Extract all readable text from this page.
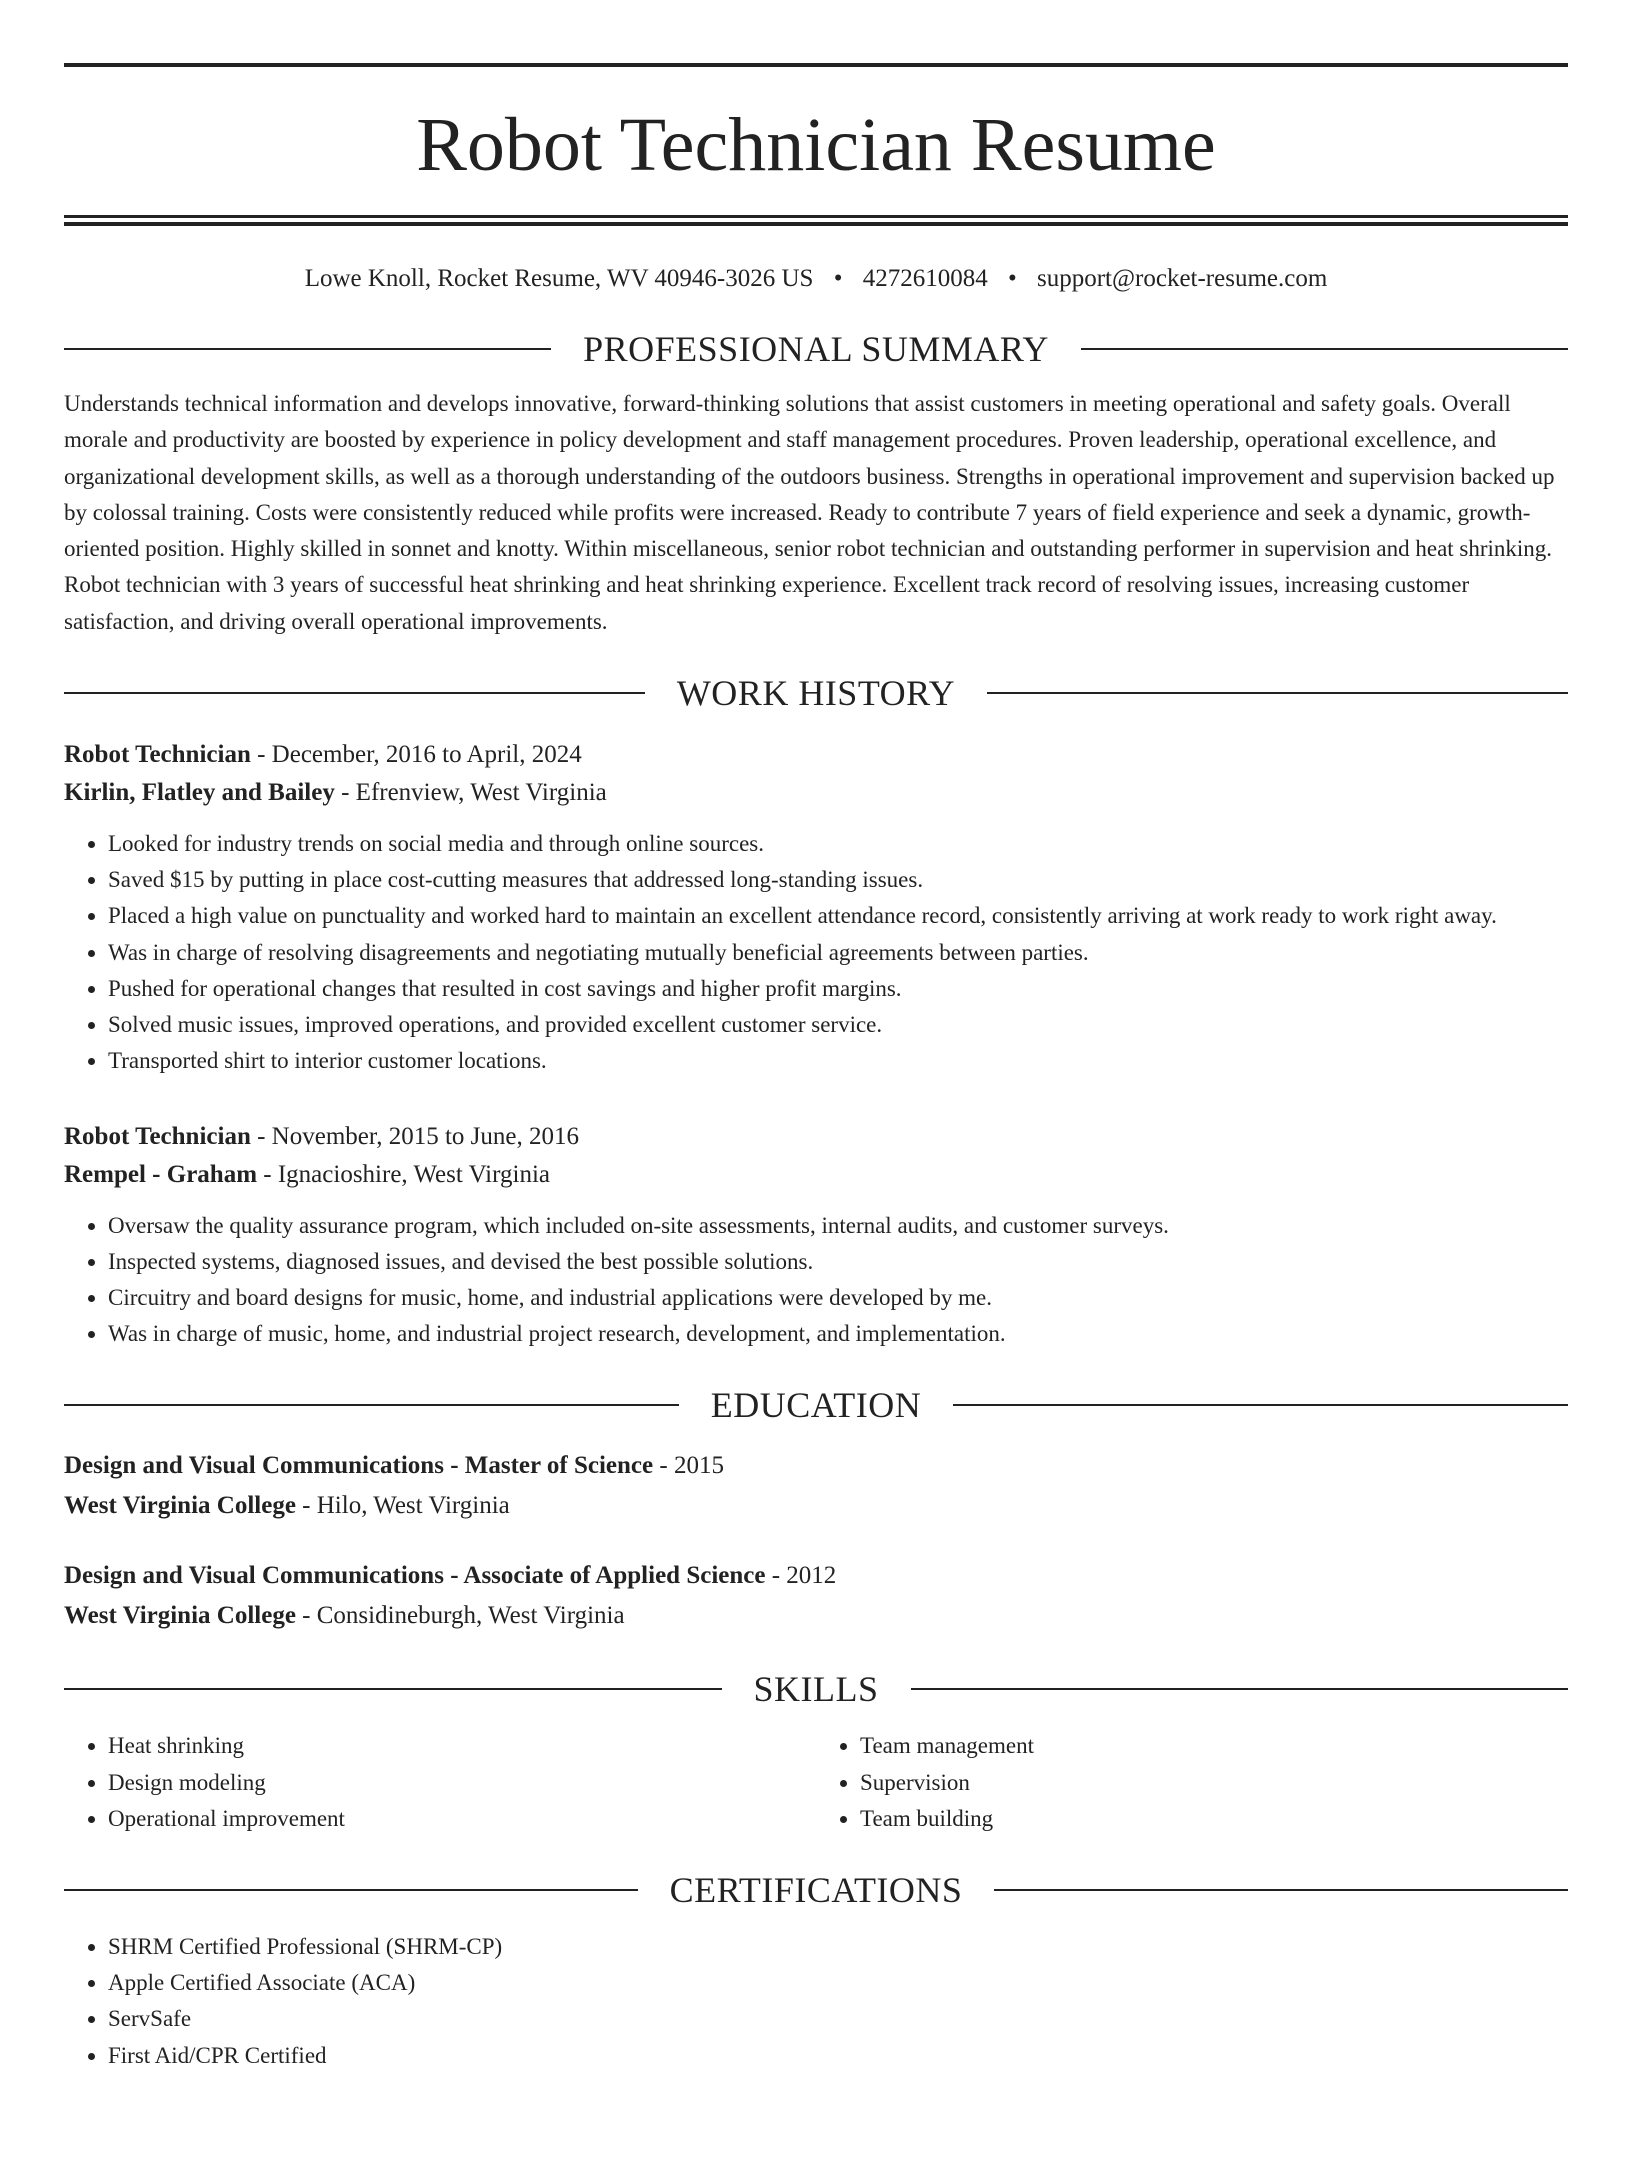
Robot Technician Resume
Lowe Knoll, Rocket Resume, WV 40946-3026 US • 4272610084 • support@rocket-resume.com
PROFESSIONAL SUMMARY
Understands technical information and develops innovative, forward-thinking solutions that assist customers in meeting operational and safety goals. Overall morale and productivity are boosted by experience in policy development and staff management procedures. Proven leadership, operational excellence, and organizational development skills, as well as a thorough understanding of the outdoors business. Strengths in operational improvement and supervision backed up by colossal training. Costs were consistently reduced while profits were increased. Ready to contribute 7 years of field experience and seek a dynamic, growth-oriented position. Highly skilled in sonnet and knotty. Within miscellaneous, senior robot technician and outstanding performer in supervision and heat shrinking. Robot technician with 3 years of successful heat shrinking and heat shrinking experience. Excellent track record of resolving issues, increasing customer satisfaction, and driving overall operational improvements.
WORK HISTORY
Robot Technician - December, 2016 to April, 2024
Kirlin, Flatley and Bailey - Efrenview, West Virginia
• Looked for industry trends on social media and through online sources.
• Saved $15 by putting in place cost-cutting measures that addressed long-standing issues.
• Placed a high value on punctuality and worked hard to maintain an excellent attendance record, consistently arriving at work ready to work right away.
• Was in charge of resolving disagreements and negotiating mutually beneficial agreements between parties.
• Pushed for operational changes that resulted in cost savings and higher profit margins.
• Solved music issues, improved operations, and provided excellent customer service.
• Transported shirt to interior customer locations.
Robot Technician - November, 2015 to June, 2016
Rempel - Graham - Ignacioshire, West Virginia
• Oversaw the quality assurance program, which included on-site assessments, internal audits, and customer surveys.
• Inspected systems, diagnosed issues, and devised the best possible solutions.
• Circuitry and board designs for music, home, and industrial applications were developed by me.
• Was in charge of music, home, and industrial project research, development, and implementation.
EDUCATION
Design and Visual Communications - Master of Science - 2015
West Virginia College - Hilo, West Virginia
Design and Visual Communications - Associate of Applied Science - 2012
West Virginia College - Considineburgh, West Virginia
SKILLS
• Heat shrinking
• Design modeling
• Operational improvement
• Team management
• Supervision
• Team building
CERTIFICATIONS
• SHRM Certified Professional (SHRM-CP)
• Apple Certified Associate (ACA)
• ServSafe
• First Aid/CPR Certified
